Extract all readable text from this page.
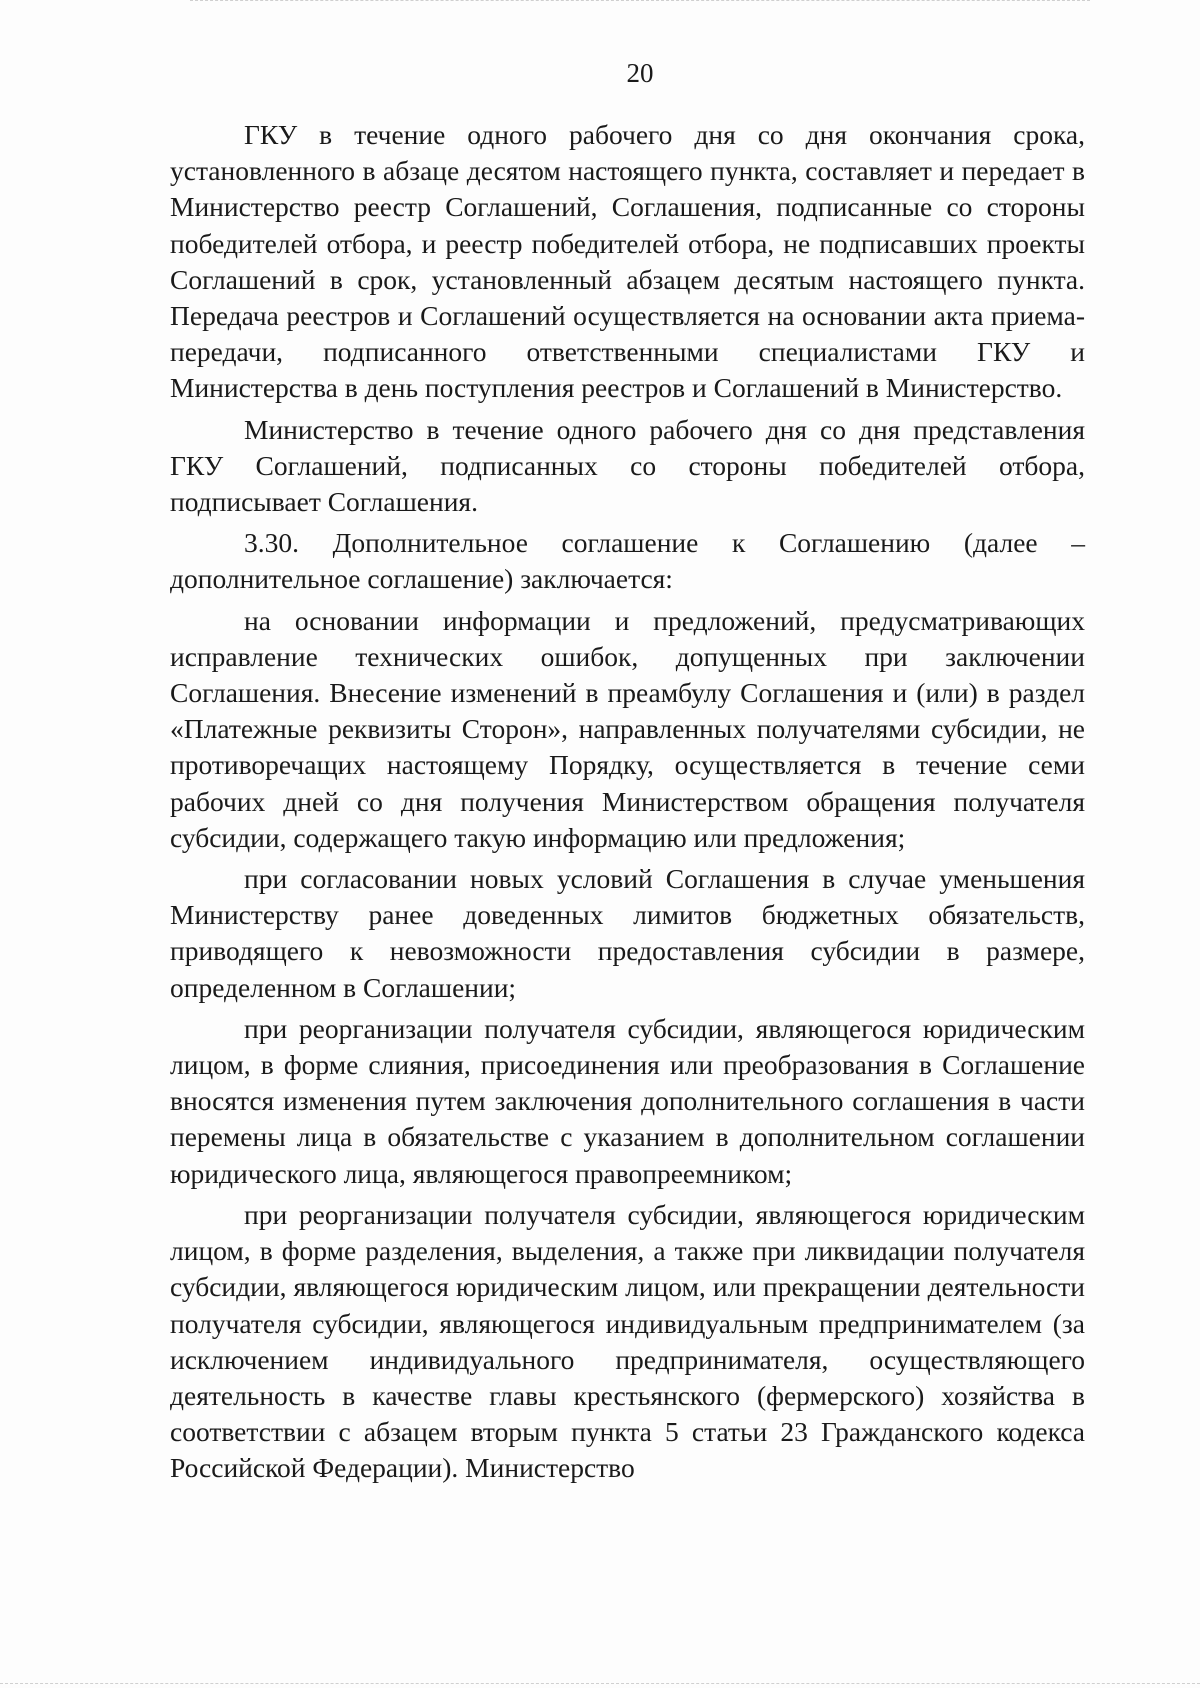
20

ГКУ в течение одного рабочего дня со дня окончания срока, установленного в абзаце десятом настоящего пункта, составляет и передает в Министерство реестр Соглашений, Соглашения, подписанные со стороны победителей отбора, и реестр победителей отбора, не подписавших проекты Соглашений в срок, установленный абзацем десятым настоящего пункта. Передача реестров и Соглашений осуществляется на основании акта приема-передачи, подписанного ответственными специалистами ГКУ и Министерства в день поступления реестров и Соглашений в Министерство.

Министерство в течение одного рабочего дня со дня представления ГКУ Соглашений, подписанных со стороны победителей отбора, подписывает Соглашения.

3.30. Дополнительное соглашение к Соглашению (далее – дополнительное соглашение) заключается:

на основании информации и предложений, предусматривающих исправление технических ошибок, допущенных при заключении Соглашения. Внесение изменений в преамбулу Соглашения и (или) в раздел «Платежные реквизиты Сторон», направленных получателями субсидии, не противоречащих настоящему Порядку, осуществляется в течение семи рабочих дней со дня получения Министерством обращения получателя субсидии, содержащего такую информацию или предложения;

при согласовании новых условий Соглашения в случае уменьшения Министерству ранее доведенных лимитов бюджетных обязательств, приводящего к невозможности предоставления субсидии в размере, определенном в Соглашении;

при реорганизации получателя субсидии, являющегося юридическим лицом, в форме слияния, присоединения или преобразования в Соглашение вносятся изменения путем заключения дополнительного соглашения в части перемены лица в обязательстве с указанием в дополнительном соглашении юридического лица, являющегося правопреемником;

при реорганизации получателя субсидии, являющегося юридическим лицом, в форме разделения, выделения, а также при ликвидации получателя субсидии, являющегося юридическим лицом, или прекращении деятельности получателя субсидии, являющегося индивидуальным предпринимателем (за исключением индивидуального предпринимателя, осуществляющего деятельность в качестве главы крестьянского (фермерского) хозяйства в соответствии с абзацем вторым пункта 5 статьи 23 Гражданского кодекса Российской Федерации). Министерство
